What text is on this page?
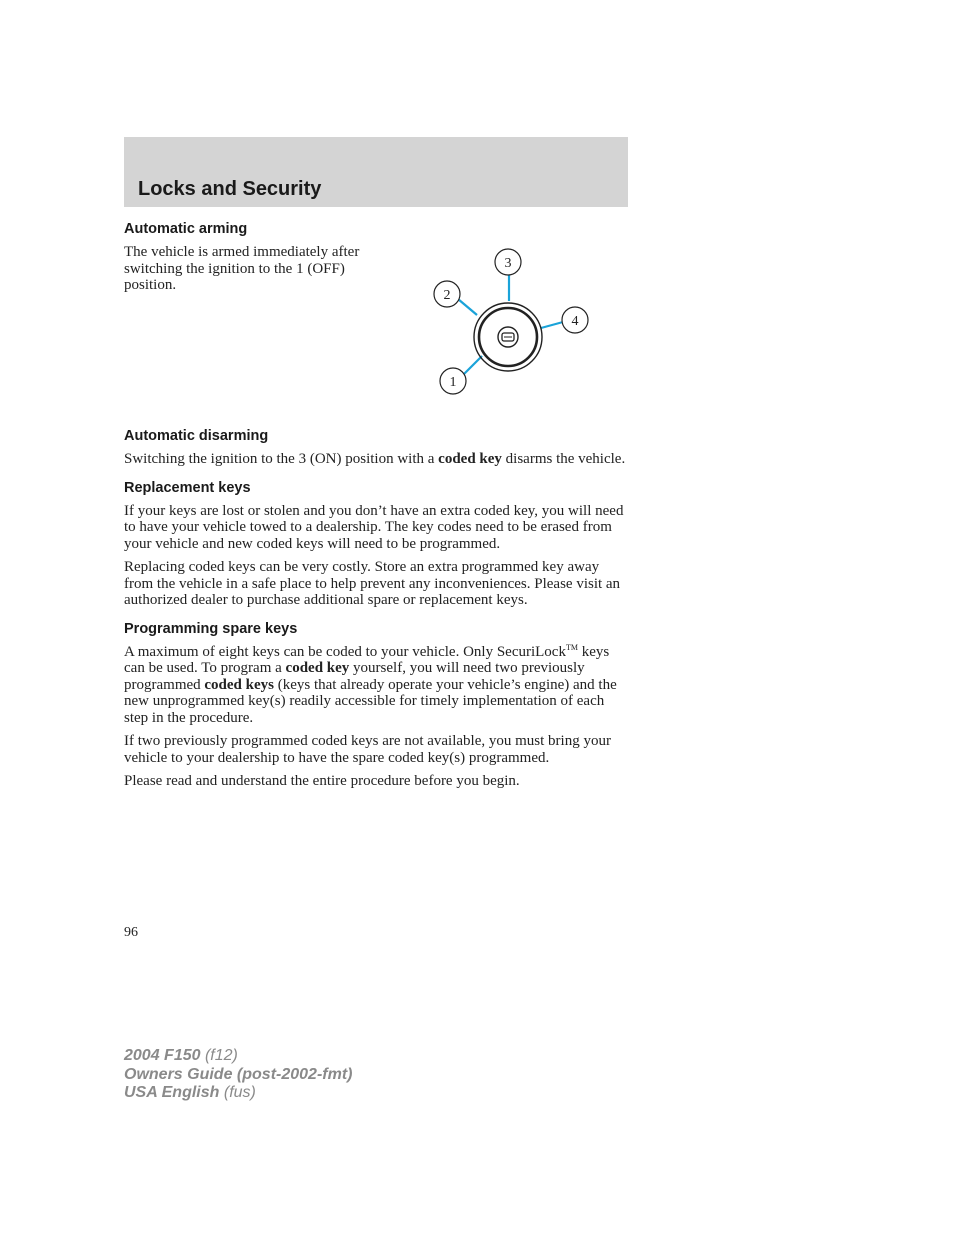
Locks and Security
Automatic arming

The vehicle is armed immediately after switching the ignition to the 1 (OFF) position.

3
2
4
1
Automatic disarming

Switching the ignition to the 3 (ON) position with a coded key disarms the vehicle.

Replacement keys

If your keys are lost or stolen and you don’t have an extra coded key, you will need to have your vehicle towed to a dealership. The key codes need to be erased from your vehicle and new coded keys will need to be programmed.

Replacing coded keys can be very costly. Store an extra programmed key away from the vehicle in a safe place to help prevent any inconveniences. Please visit an authorized dealer to purchase additional spare or replacement keys.

Programming spare keys

A maximum of eight keys can be coded to your vehicle. Only SecuriLock™ keys can be used. To program a coded key yourself, you will need two previously programmed coded keys (keys that already operate your vehicle’s engine) and the new unprogrammed key(s) readily accessible for timely implementation of each step in the procedure.

If two previously programmed coded keys are not available, you must bring your vehicle to your dealership to have the spare coded key(s) programmed.

Please read and understand the entire procedure before you begin.

96
2004 F150 (f12)
Owners Guide (post-2002-fmt)
USA English (fus)
